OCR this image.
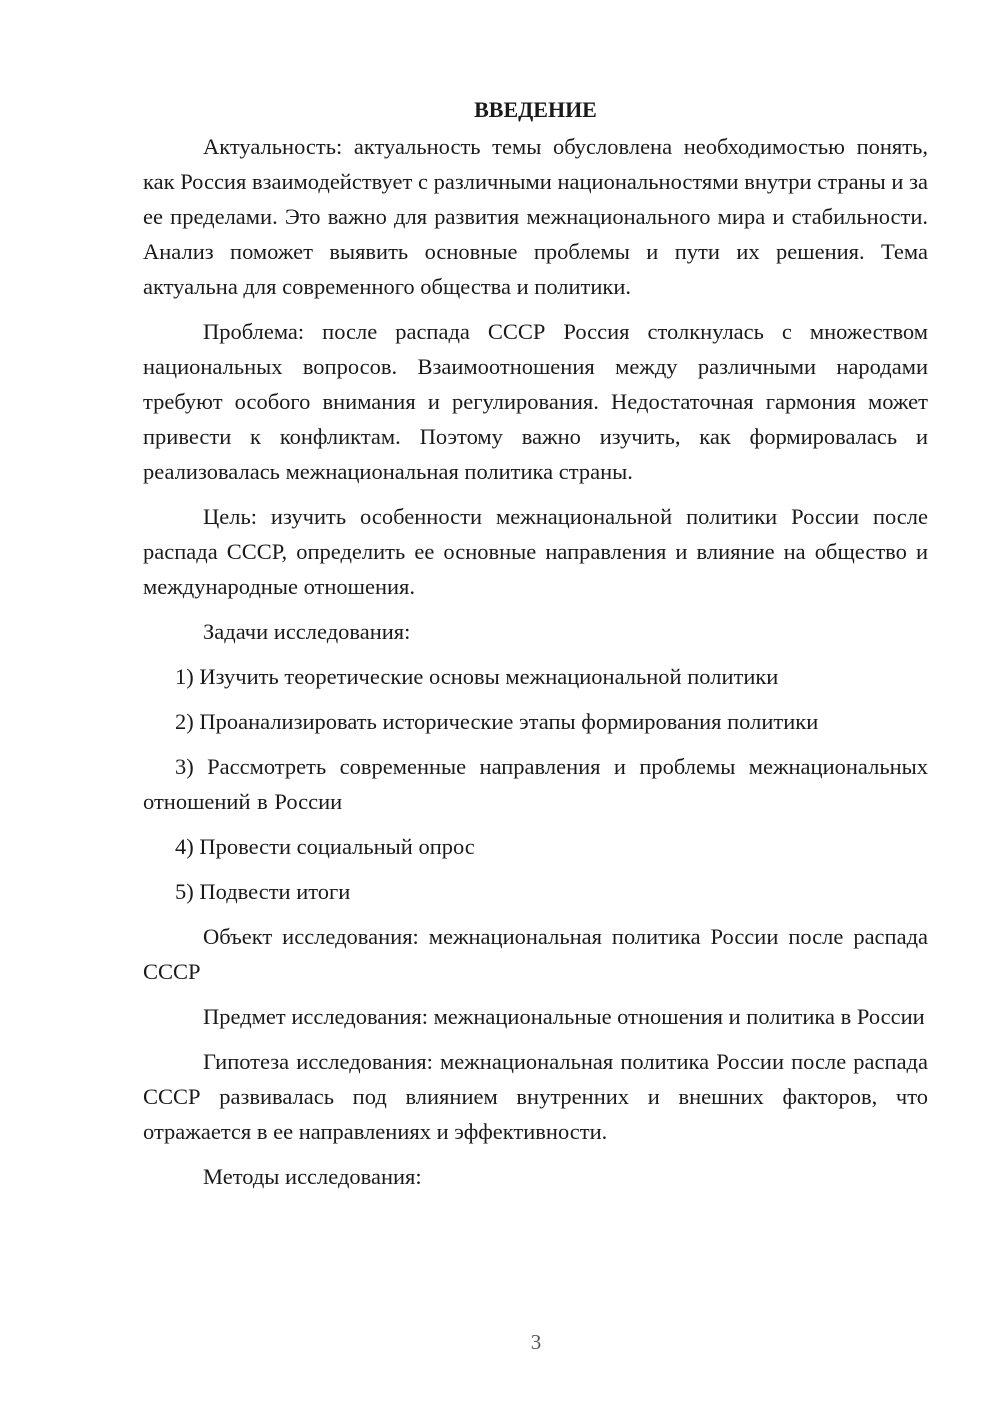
ВВЕДЕНИЕ

Актуальность: актуальность темы обусловлена необходимостью понять, как Россия взаимодействует с различными национальностями внутри страны и за ее пределами. Это важно для развития межнационального мира и стабильности. Анализ поможет выявить основные проблемы и пути их решения. Тема актуальна для современного общества и политики.

Проблема: после распада СССР Россия столкнулась с множеством национальных вопросов. Взаимоотношения между различными народами требуют особого внимания и регулирования. Недостаточная гармония может привести к конфликтам. Поэтому важно изучить, как формировалась и реализовалась межнациональная политика страны.

Цель: изучить особенности межнациональной политики России после распада СССР, определить ее основные направления и влияние на общество и международные отношения.

Задачи исследования:

1) Изучить теоретические основы межнациональной политики

2) Проанализировать исторические этапы формирования политики

3) Рассмотреть современные направления и проблемы межнациональных отношений в России

4) Провести социальный опрос

5) Подвести итоги

Объект исследования: межнациональная политика России после распада СССР

Предмет исследования: межнациональные отношения и политика в России

Гипотеза исследования: межнациональная политика России после распада СССР развивалась под влиянием внутренних и внешних факторов, что отражается в ее направлениях и эффективности.

Методы исследования:

3
